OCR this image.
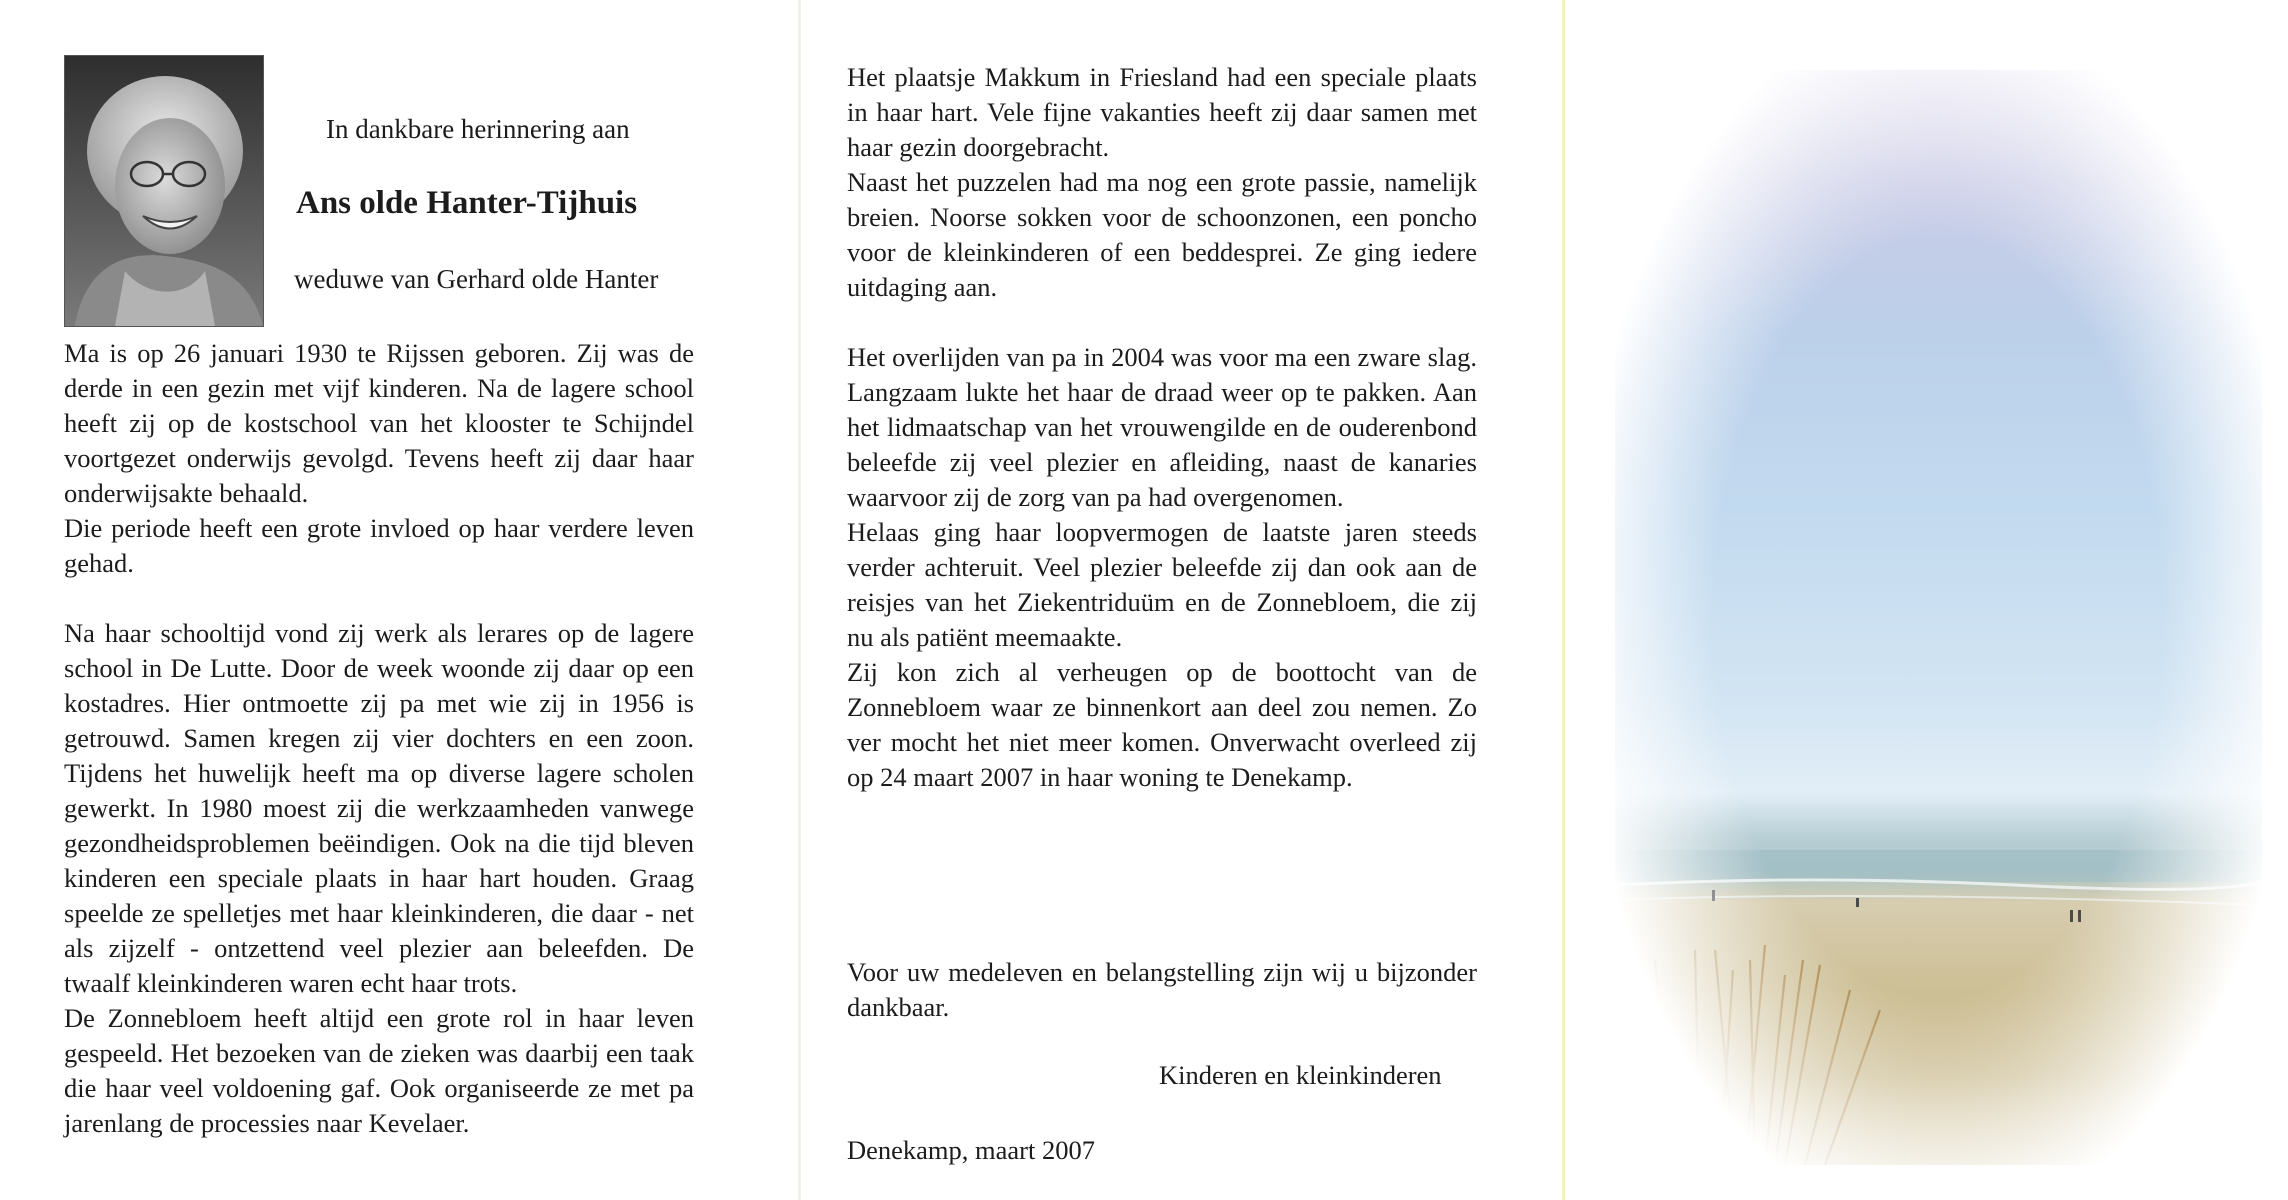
In dankbare herinnering aan
Ans olde Hanter-Tijhuis
weduwe van Gerhard olde Hanter

Ma is op 26 januari 1930 te Rijssen geboren. Zij was de derde in een gezin met vijf kinderen. Na de lagere school heeft zij op de kostschool van het klooster te Schijndel voortgezet onderwijs gevolgd. Tevens heeft zij daar haar onderwijsakte behaald.

Die periode heeft een grote invloed op haar verdere leven gehad.

Na haar schooltijd vond zij werk als lerares op de lagere school in De Lutte. Door de week woonde zij daar op een kostadres. Hier ontmoette zij pa met wie zij in 1956 is getrouwd. Samen kregen zij vier dochters en een zoon. Tijdens het huwelijk heeft ma op diverse lagere scholen gewerkt. In 1980 moest zij die werkzaamheden vanwege gezondheidsproblemen beëindigen. Ook na die tijd bleven kinderen een speciale plaats in haar hart houden. Graag speelde ze spelletjes met haar kleinkinderen, die daar - net als zijzelf - ontzettend veel plezier aan beleefden. De twaalf kleinkinderen waren echt haar trots.

De Zonnebloem heeft altijd een grote rol in haar leven gespeeld. Het bezoeken van de zieken was daarbij een taak die haar veel voldoening gaf. Ook organiseerde ze met pa jarenlang de processies naar Kevelaer.

Het plaatsje Makkum in Friesland had een speciale plaats in haar hart. Vele fijne vakanties heeft zij daar samen met haar gezin doorgebracht.

Naast het puzzelen had ma nog een grote passie, namelijk breien. Noorse sokken voor de schoonzonen, een poncho voor de kleinkinderen of een beddesprei. Ze ging iedere uitdaging aan.

Het overlijden van pa in 2004 was voor ma een zware slag. Langzaam lukte het haar de draad weer op te pakken. Aan het lidmaatschap van het vrouwengilde en de ouderenbond beleefde zij veel plezier en afleiding, naast de kanaries waarvoor zij de zorg van pa had overgenomen.

Helaas ging haar loopvermogen de laatste jaren steeds verder achteruit. Veel plezier beleefde zij dan ook aan de reisjes van het Ziekentriduüm en de Zonnebloem, die zij nu als patiënt meemaakte.

Zij kon zich al verheugen op de boottocht van de Zonnebloem waar ze binnenkort aan deel zou nemen. Zo ver mocht het niet meer komen. Onverwacht overleed zij op 24 maart 2007 in haar woning te Denekamp.

Voor uw medeleven en belangstelling zijn wij u bijzonder dankbaar.

Kinderen en kleinkinderen
Denekamp, maart 2007
